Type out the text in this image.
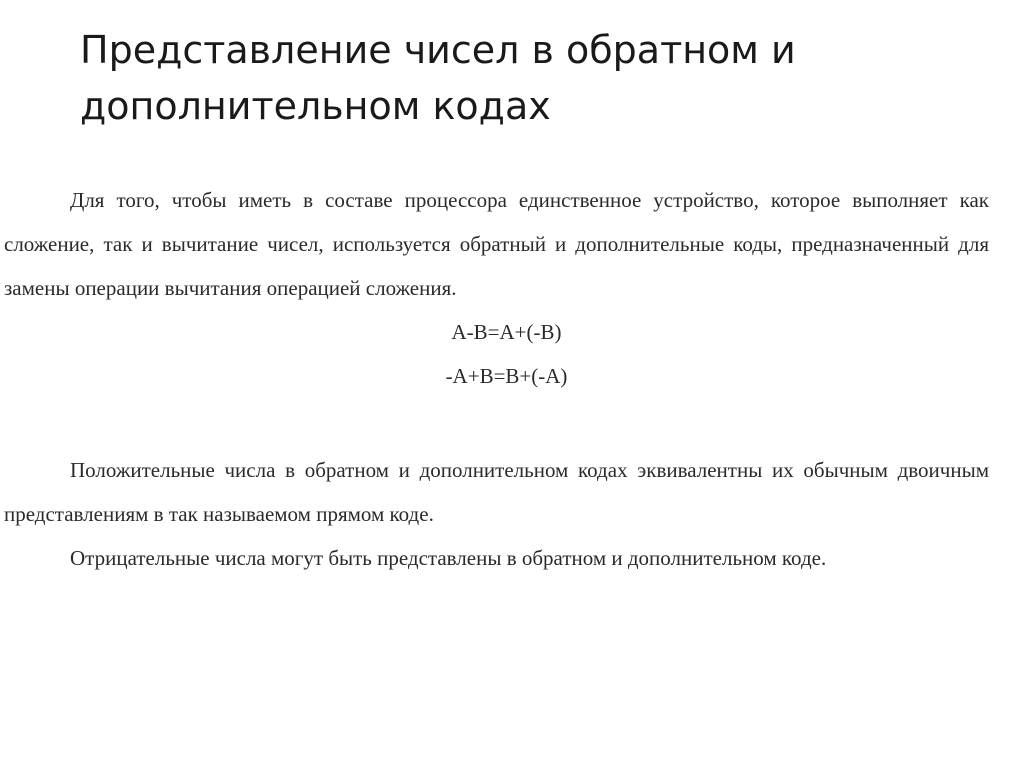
Представление чисел в обратном и дополнительном кодах

Для того, чтобы иметь в составе процессора единственное устройство, которое выполняет как сложение, так и вычитание чисел, используется обратный и дополнительные коды, предназначенный для замены операции вычитания операцией сложения.

A-B=A+(-B)

-A+B=B+(-A)

Положительные числа в обратном и дополнительном кодах эквивалентны их обычным двоичным представлениям в так называемом прямом коде.

Отрицательные числа могут быть представлены в обратном и дополнительном коде.
